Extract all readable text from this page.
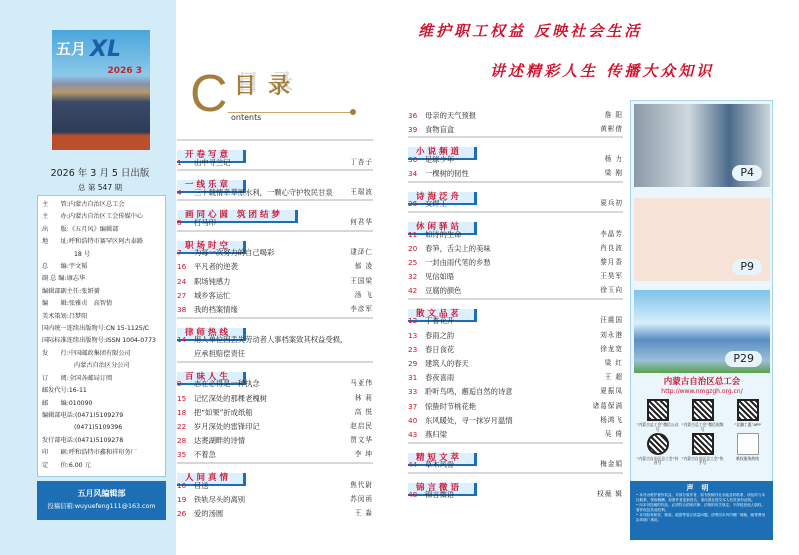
五月 XL
2026 3
2026 年 3 月 5 日出版
总 第 547 期
主　　管:内蒙古自治区总工会
主　　办:内蒙古自治区工会传媒中心
出　　版:《五月风》编辑部
地　　址:呼和浩特市赛罕区阿古泰路
18 号
总　　编:宇文韬
副 总 编:康志华
编辑部副主任:张妍赟
编　　辑:张雅贞　高智倩
美术策划:吕梦阳
国内统一连续出版物号:CN 15-1125/C
国际标准连续出版物号:ISSN 1004-0773
发　　行:中国邮政集团有限公司
内蒙古自治区分公司
订　　阅:全国各邮局订阅
邮发代号:16-11
邮　　编:010090
编辑部电话:(0471)5109279
(0471)5109396
发行部电话:(0471)5109278
印　　刷:呼和浩特市鑫和祥印务厂
定　　价:6.00 元
五月风编辑部
投稿信箱:wuyuefeng111@163.com
C 目录
ontents
维护职工权益 反映社会生活
讲述精彩人生 传播大众知识
开卷写意
1	山中寻兰记	丁杏子
一线乐章
4	三十载情牵草原水利，一颗心守护牧民甘泉	王瑞波
画同心圆 筑团结梦
8	打马印	何君华
职场时空
7	为每一次努力的自己喝彩	逮泽仁
16	平凡者的逆袭	郁 凌
24	职场钝感力	王国梁
27	城乡客运忙	汤 飞
38	我的档案情缘	李彦军
律师热线
14	用人单位因丢失劳动者人事档案致其权益受损，
应承担赔偿责任
百味人生
9	志在必得是一种执念	马亚伟
15	记忆深处的那棵老槐树	林 莉
18	把“如果”折成纸船	高 悦
22	岁月深处的雷锋印记	赵启民
28	达赉湖畔的诗情	贾文华
35	不着急	李 坤
人间真情
10	目送	焦代尉
19	铁轨尽头的离别	苏闵函
26	爱的汤圆	王 淼
36	母亲的天气预报	詹 阳
39	食物盲盒	黄彬倩
小说频道
30	足球少年	杨 力
34	一棵树的韧性	梁 刚
诗海泛舟
26	女焊工	夏兵初
休闲驿站
11	如诗的生命	李晶芳
20	春笋，舌尖上的美味	肖良波
25	一封由雨代笔的乡愁	黎月香
32	见信如晤	王昊军
42	豆腐的颜色	徐玉向
散文品茗
12	丁香花开	汪震国
13	春雨之韵	刘永港
23	春日食花	徐龙宽
29	建筑人的春天	梁 红
31	春夜喜雨	王 超
33	聆听鸟鸣，邂逅自然的诗意	夏振凤
37	惊蛰时节桃花艳	诸葛保满
40	东风暖处，寻一抹岁月温情	杨鸿飞
43	燕归梁	吴 倚
精短文萃
44	草木风骨	梅金娟
锦言微语
48	锦言微语	权薇 辑
P4
P9
P29
内蒙古自治区总工会
http://www.nmgzgh.org.cn/
“内蒙古总工会”微信公众号
“内蒙古总工会”微信视频号
“北疆工惠”APP
“内蒙古自治区总工会”抖音号
“内蒙古自治区总工会”快手号
维权服务热线
声明

• 本刊为维护著作权益，对部分原作者，原刊发稿刊社未能及时联系，请及时与本社联系，领取稿酬。如需作者更新姓名，请向我社提交本人有效身份证明。

• 向本刊投稿的作品，必须符合国家法律、法规的有关规定，不得侵犯他人版权、著作权及其他权利。

• 本刊如有缺页、倒装、破损等装订质量问题，请寄回本刊印刷厂调换，邮寄费用由印刷厂承担。
